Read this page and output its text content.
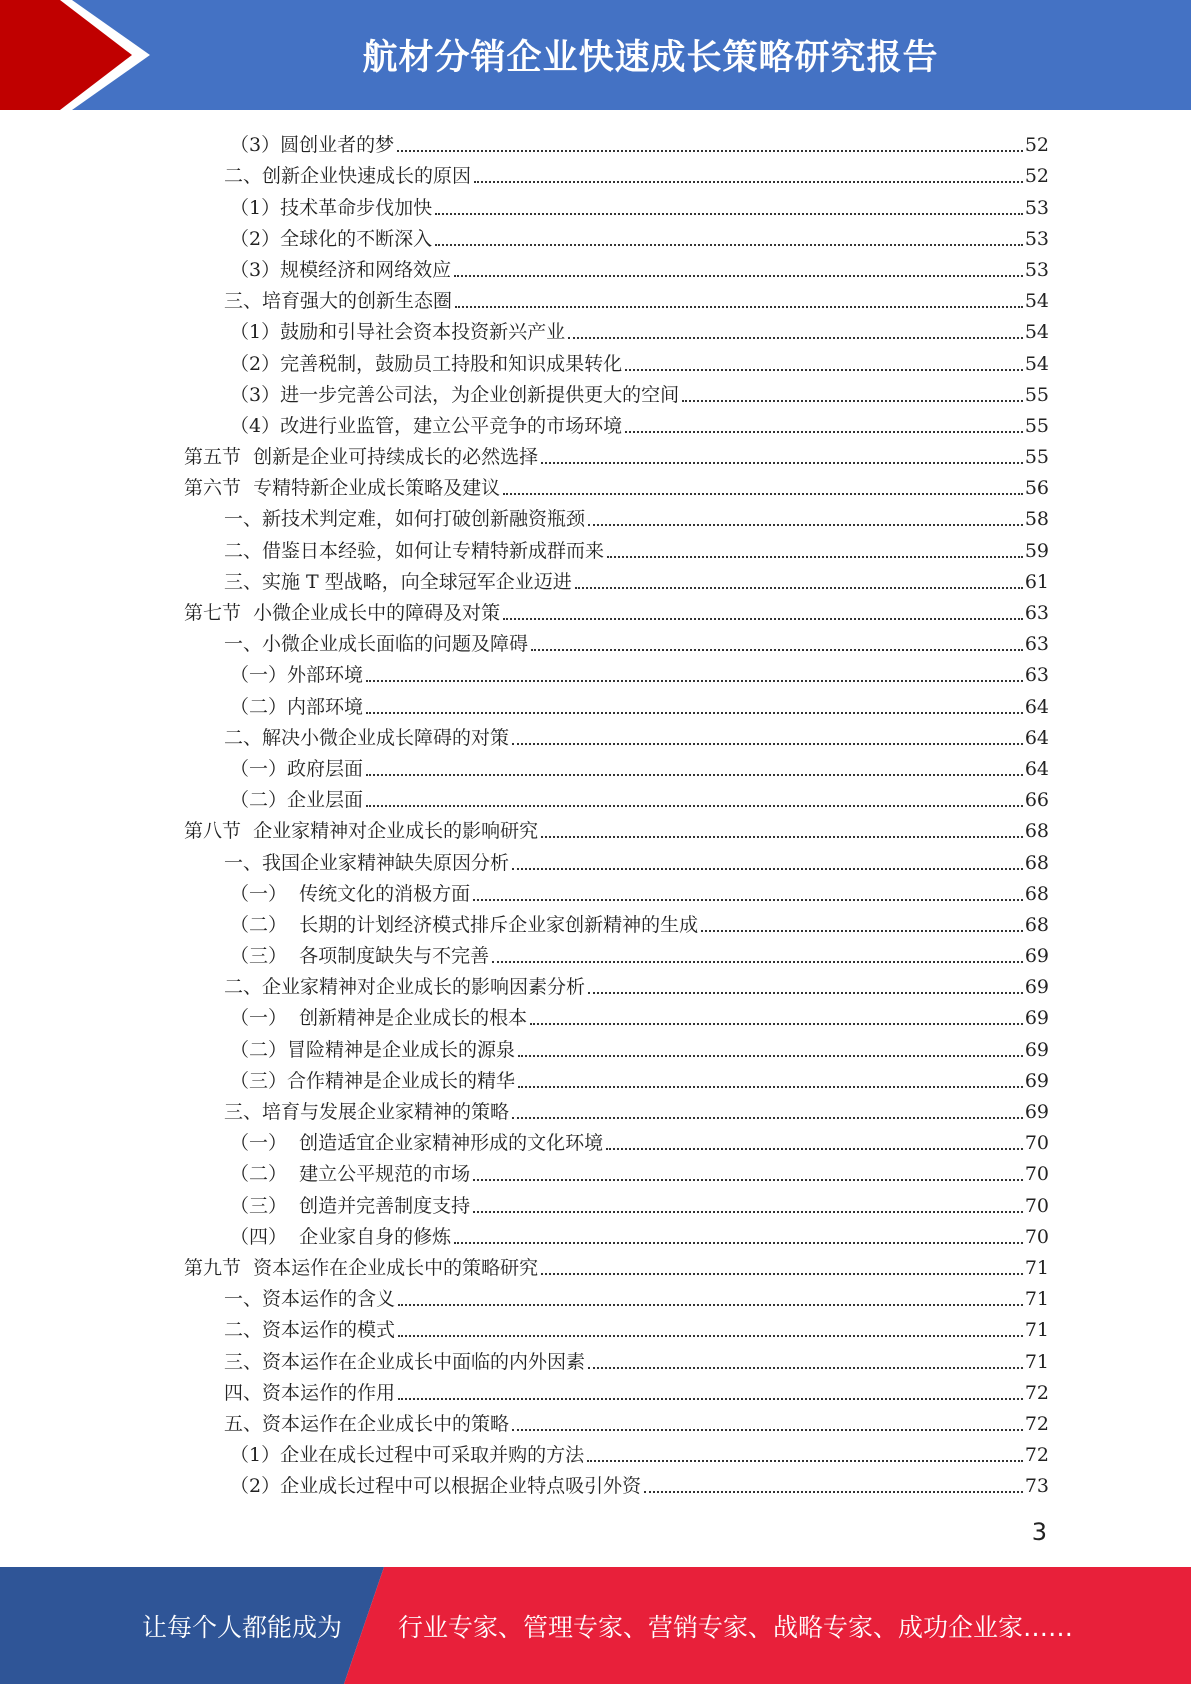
航材分销企业快速成长策略研究报告
（3）圆创业者的梦	52
二、创新企业快速成长的原因	52
（1）技术革命步伐加快	53
（2）全球化的不断深入	53
（3）规模经济和网络效应	53
三、培育强大的创新生态圈	54
（1）鼓励和引导社会资本投资新兴产业	54
（2）完善税制，鼓励员工持股和知识成果转化	54
（3）进一步完善公司法，为企业创新提供更大的空间	55
（4）改进行业监管，建立公平竞争的市场环境	55
第五节  创新是企业可持续成长的必然选择	55
第六节  专精特新企业成长策略及建议	56
一、新技术判定难，如何打破创新融资瓶颈	58
二、借鉴日本经验，如何让专精特新成群而来	59
三、实施 T 型战略，向全球冠军企业迈进	61
第七节  小微企业成长中的障碍及对策	63
一、小微企业成长面临的问题及障碍	63
（一）外部环境	63
（二）内部环境	64
二、解决小微企业成长障碍的对策	64
（一）政府层面	64
（二）企业层面	66
第八节  企业家精神对企业成长的影响研究	68
一、我国企业家精神缺失原因分析	68
（一）  传统文化的消极方面	68
（二）  长期的计划经济模式排斥企业家创新精神的生成	68
（三）  各项制度缺失与不完善	69
二、企业家精神对企业成长的影响因素分析	69
（一）  创新精神是企业成长的根本	69
（二）冒险精神是企业成长的源泉	69
（三）合作精神是企业成长的精华	69
三、培育与发展企业家精神的策略	69
（一）  创造适宜企业家精神形成的文化环境	70
（二）  建立公平规范的市场	70
（三）  创造并完善制度支持	70
（四）  企业家自身的修炼	70
第九节  资本运作在企业成长中的策略研究	71
一、资本运作的含义	71
二、资本运作的模式	71
三、资本运作在企业成长中面临的内外因素	71
四、资本运作的作用	72
五、资本运作在企业成长中的策略	72
（1）企业在成长过程中可采取并购的方法	72
（2）企业成长过程中可以根据企业特点吸引外资	73
3
让每个人都能成为 行业专家、管理专家、营销专家、战略专家、成功企业家……
